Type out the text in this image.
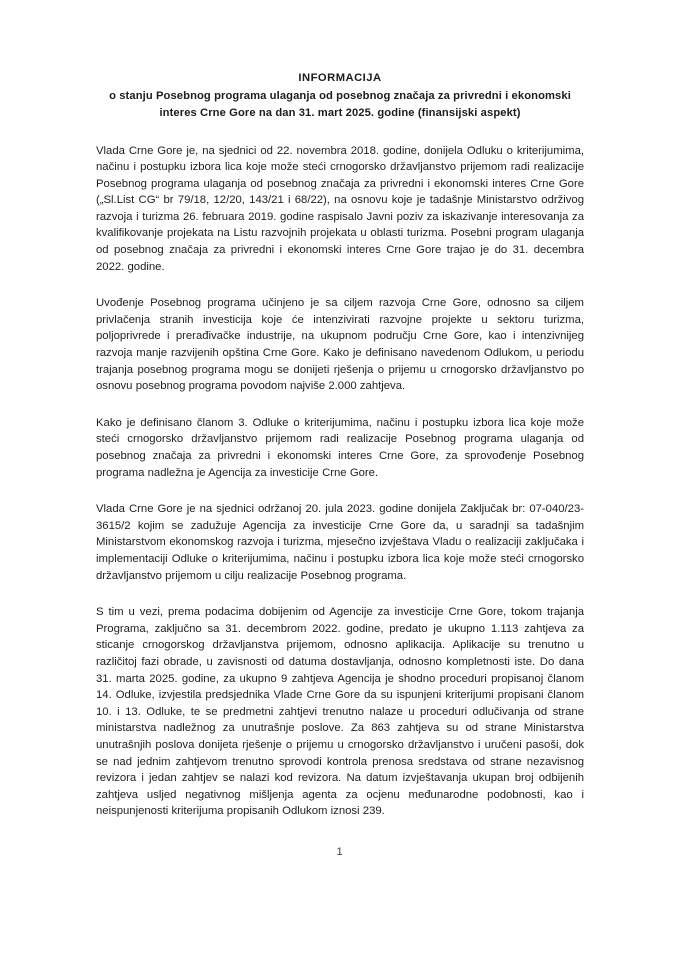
INFORMACIJA
o stanju Posebnog programa ulaganja od posebnog značaja za privredni i ekonomski
interes Crne Gore na dan 31. mart 2025. godine (finansijski aspekt)

Vlada Crne Gore je, na sjednici od 22. novembra 2018. godine, donijela Odluku o kriterijumima, načinu i postupku izbora lica koje može steći crnogorsko državljanstvo prijemom radi realizacije Posebnog programa ulaganja od posebnog značaja za privredni i ekonomski interes Crne Gore („Sl.List CG“ br 79/18, 12/20, 143/21 i 68/22), na osnovu koje je tadašnje Ministarstvo održivog razvoja i turizma 26. februara 2019. godine raspisalo Javni poziv za iskazivanje interesovanja za kvalifikovanje projekata na Listu razvojnih projekata u oblasti turizma. Posebni program ulaganja od posebnog značaja za privredni i ekonomski interes Crne Gore trajao je do 31. decembra 2022. godine.

Uvođenje Posebnog programa učinjeno je sa ciljem razvoja Crne Gore, odnosno sa ciljem privlačenja stranih investicija koje će intenzivirati razvojne projekte u sektoru turizma, poljoprivrede i prerađivačke industrije, na ukupnom području Crne Gore, kao i intenzivnijeg razvoja manje razvijenih opština Crne Gore. Kako je definisano navedenom Odlukom, u periodu trajanja posebnog programa mogu se donijeti rješenja o prijemu u crnogorsko državljanstvo po osnovu posebnog programa povodom najviše 2.000 zahtjeva.

Kako je definisano članom 3. Odluke o kriterijumima, načinu i postupku izbora lica koje može steći crnogorsko državljanstvo prijemom radi realizacije Posebnog programa ulaganja od posebnog značaja za privredni i ekonomski interes Crne Gore, za sprovođenje Posebnog programa nadležna je Agencija za investicije Crne Gore.

Vlada Crne Gore je na sjednici održanoj 20. jula 2023. godine donijela Zaključak br: 07-040/23-3615/2 kojim se zadužuje Agencija za investicije Crne Gore da, u saradnji sa tadašnjim Ministarstvom ekonomskog razvoja i turizma, mjesečno izvještava Vladu o realizaciji zaključaka i implementaciji Odluke o kriterijumima, načinu i postupku izbora lica koje može steći crnogorsko državljanstvo prijemom u cilju realizacije Posebnog programa.

S tim u vezi, prema podacima dobijenim od Agencije za investicije Crne Gore, tokom trajanja Programa, zaključno sa 31. decembrom 2022. godine, predato je ukupno 1.113 zahtjeva za sticanje crnogorskog državljanstva prijemom, odnosno aplikacija. Aplikacije su trenutno u različitoj fazi obrade, u zavisnosti od datuma dostavljanja, odnosno kompletnosti iste. Do dana 31. marta 2025. godine, za ukupno 9 zahtjeva Agencija je shodno proceduri propisanoj članom 14. Odluke, izvjestila predsjednika Vlade Crne Gore da su ispunjeni kriterijumi propisani članom 10. i 13. Odluke, te se predmetni zahtjevi trenutno nalaze u proceduri odlučivanja od strane ministarstva nadležnog za unutrašnje poslove. Za 863 zahtjeva su od strane Ministarstva unutrašnjih poslova donijeta rješenje o prijemu u crnogorsko državljanstvo i uručeni pasoši, dok se nad jednim zahtjevom trenutno sprovodi kontrola prenosa sredstava od strane nezavisnog revizora i jedan zahtjev se nalazi kod revizora. Na datum izvještavanja ukupan broj odbijenih zahtjeva usljed negativnog mišljenja agenta za ocjenu međunarodne podobnosti, kao i neispunjenosti kriterijuma propisanih Odlukom iznosi 239.

1
